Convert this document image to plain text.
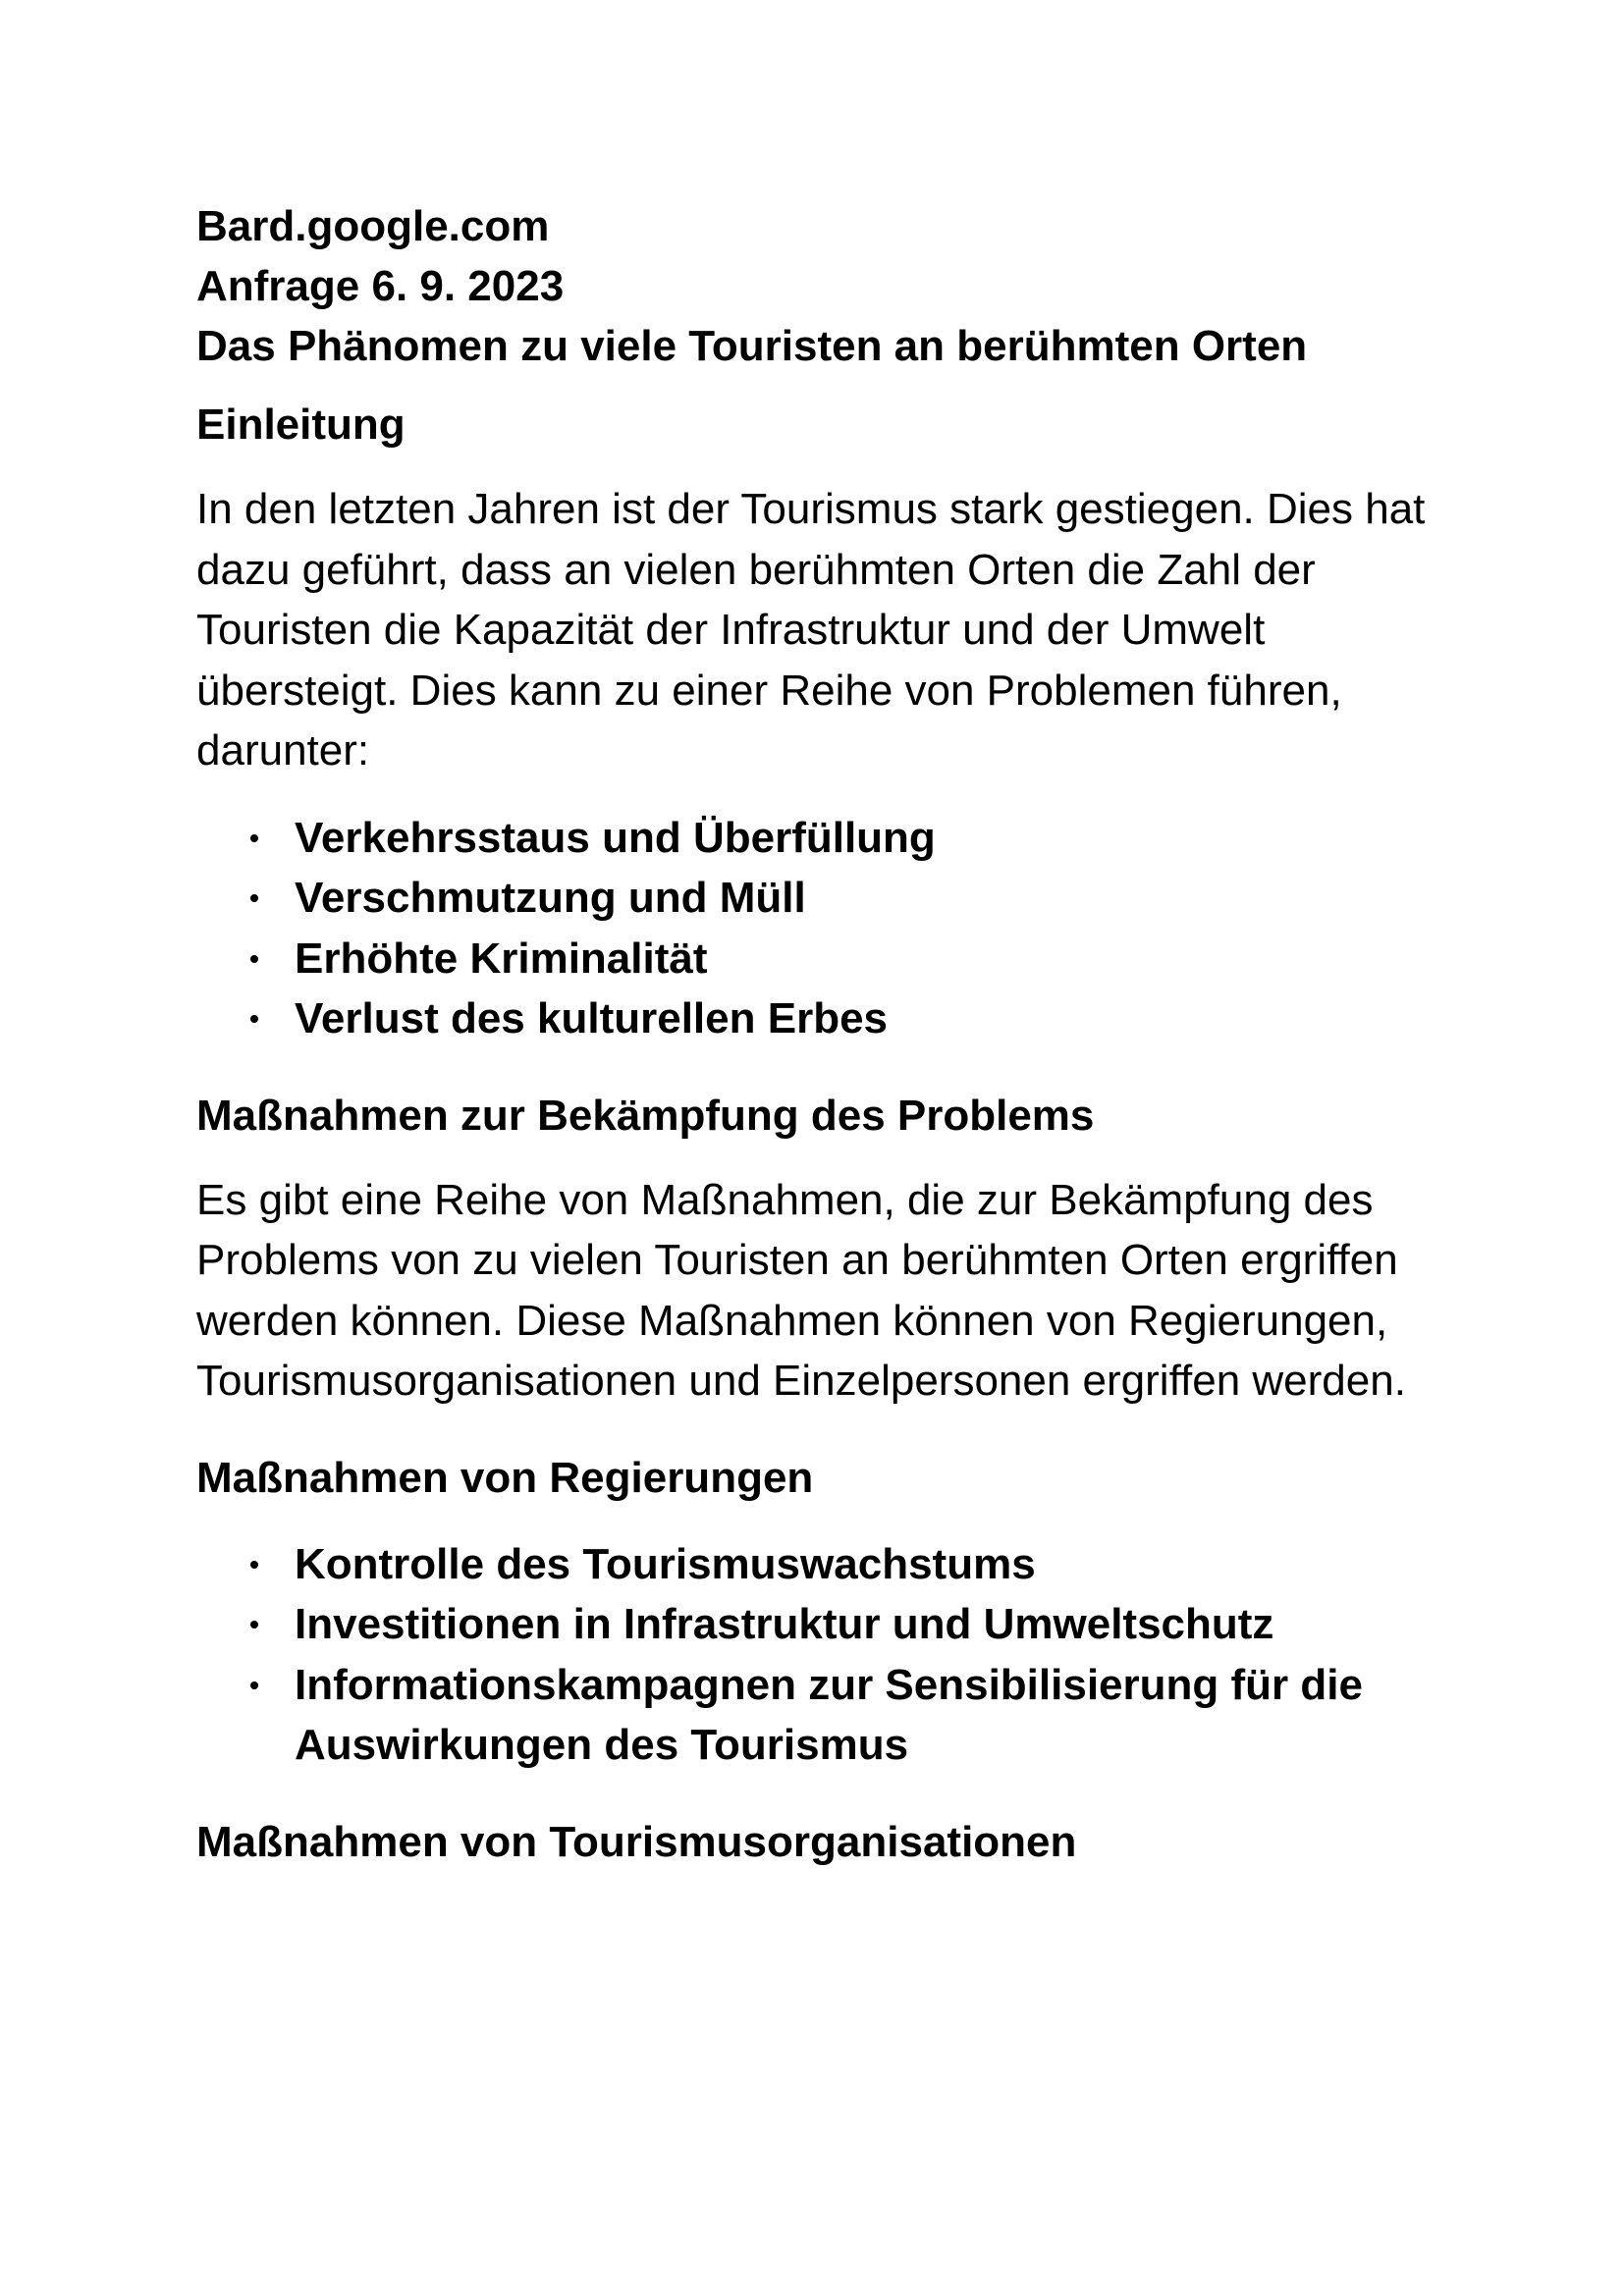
Bard.google.com

Anfrage 6. 9. 2023

Das Phänomen zu viele Touristen an berühmten Orten

Einleitung

In den letzten Jahren ist der Tourismus stark gestiegen. Dies hat dazu geführt, dass an vielen berühmten Orten die Zahl der Touristen die Kapazität der Infrastruktur und der Umwelt übersteigt. Dies kann zu einer Reihe von Problemen führen, darunter:

Verkehrsstaus und Überfüllung
Verschmutzung und Müll
Erhöhte Kriminalität
Verlust des kulturellen Erbes

Maßnahmen zur Bekämpfung des Problems

Es gibt eine Reihe von Maßnahmen, die zur Bekämpfung des Problems von zu vielen Touristen an berühmten Orten ergriffen werden können. Diese Maßnahmen können von Regierungen, Tourismusorganisationen und Einzelpersonen ergriffen werden.

Maßnahmen von Regierungen

Kontrolle des Tourismuswachstums
Investitionen in Infrastruktur und Umweltschutz
Informationskampagnen zur Sensibilisierung für die Auswirkungen des Tourismus

Maßnahmen von Tourismusorganisationen
